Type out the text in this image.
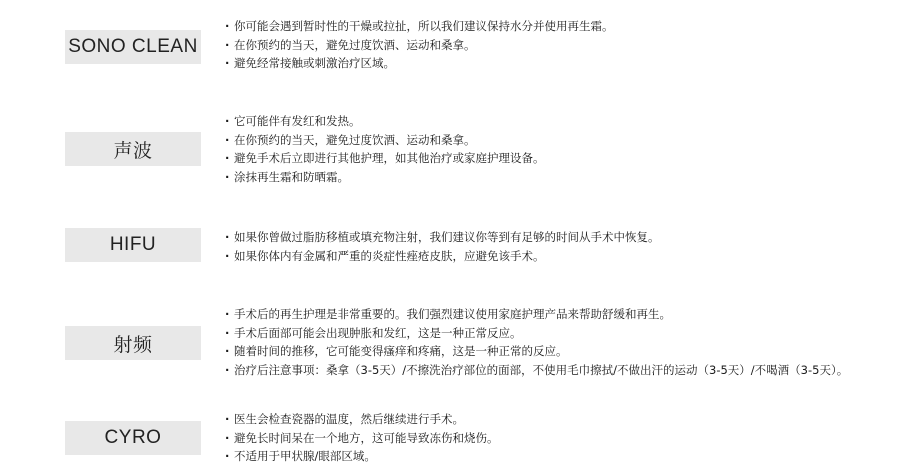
SONO CLEAN
· 你可能会遇到暂时性的干燥或拉扯，所以我们建议保持水分并使用再生霜。
· 在你预约的当天，避免过度饮酒、运动和桑拿。
· 避免经常接触或刺激治疗区域。
声波
· 它可能伴有发红和发热。
· 在你预约的当天，避免过度饮酒、运动和桑拿。
· 避免手术后立即进行其他护理，如其他治疗或家庭护理设备。
· 涂抹再生霜和防晒霜。
HIFU
·	如果你曾做过脂肪移植或填充物注射，我们建议你等到有足够的时间从手术中恢复。
· 如果你体内有金属和严重的炎症性痤疮皮肤，应避免该手术。
射频
· 手术后的再生护理是非常重要的。我们强烈建议使用家庭护理产品来帮助舒缓和再生。
· 手术后面部可能会出现肿胀和发红，这是一种正常反应。
· 随着时间的推移，它可能变得瘙痒和疼痛，这是一种正常的反应。
· 治疗后注意事项：桑拿（3-5天）/不擦洗治疗部位的面部，不使用毛巾擦拭/不做出汗的运动（3-5天）/不喝酒（3-5天）。
CYRO
· 医生会检查瓷器的温度，然后继续进行手术。
· 避免长时间呆在一个地方，这可能导致冻伤和烧伤。
· 不适用于甲状腺/眼部区域。
